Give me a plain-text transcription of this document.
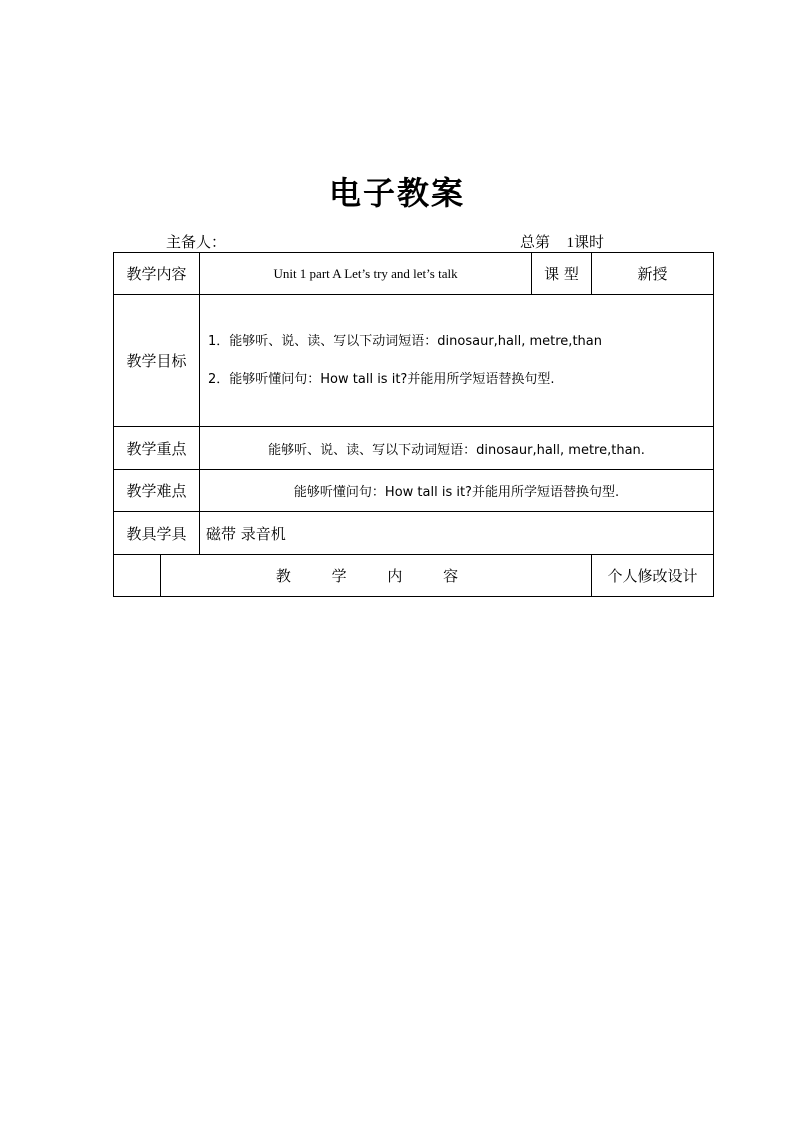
电子教案
主备人：	总第 1课时
教学内容		Unit 1 part A Let’s try and let’s talk	课 型	新授
教学目标		1．能够听、说、读、写以下动词短语：dinosaur,hall, metre,than
2．能够听懂问句：How tall is it?并能用所学短语替换句型.		

教学重点		能够听、说、读、写以下动词短语：dinosaur,hall, metre,than.		
教学难点		能够听懂问句：How tall is it?并能用所学短语替换句型.		
教具学具		磁带 录音机		
	教 学 内 容			个人修改设计
